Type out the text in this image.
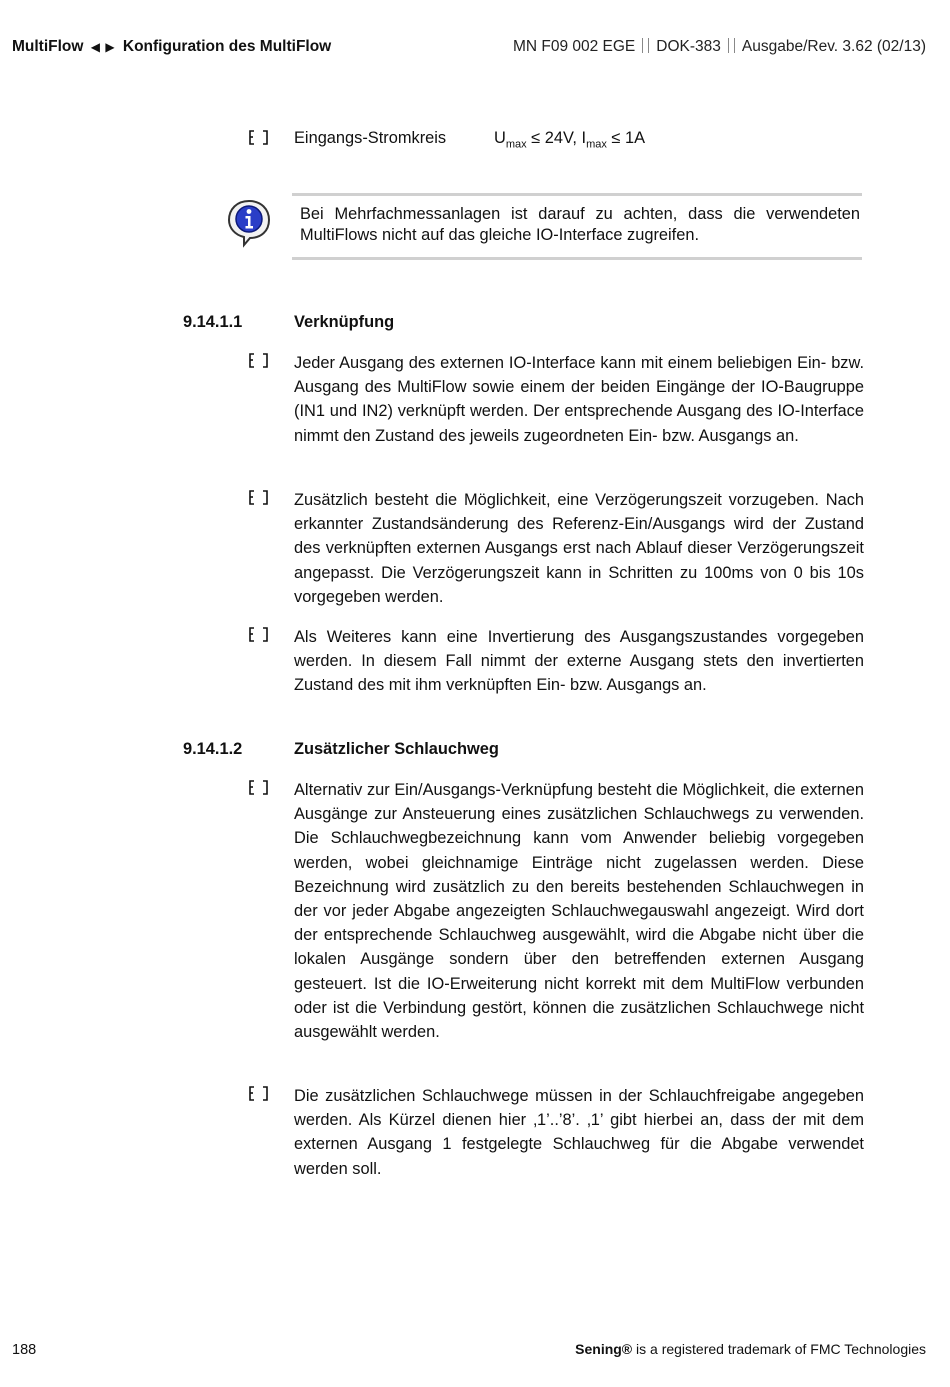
MultiFlow ◀ ▶ Konfiguration des MultiFlow	MN F09 002 EGE DOK-383 Ausgabe/Rev. 3.62 (02/13)
Eingangs-Stromkreis	$U_{max} \le 24V$, $I_{max} \le 1A$
Bei Mehrfachmessanlagen ist darauf zu achten, dass die verwendeten MultiFlows nicht auf das gleiche IO-Interface zugreifen.
9.14.1.1	Verknüpfung
Jeder Ausgang des externen IO-Interface kann mit einem beliebigen Ein- bzw. Ausgang des MultiFlow sowie einem der beiden Eingänge der IO-Baugruppe (IN1 und IN2) verknüpft werden. Der entsprechende Ausgang des IO-Interface nimmt den Zustand des jeweils zugeordneten Ein- bzw. Ausgangs an.
Zusätzlich besteht die Möglichkeit, eine Verzögerungszeit vorzugeben. Nach erkannter Zustandsänderung des Referenz-Ein/Ausgangs wird der Zustand des verknüpften externen Ausgangs erst nach Ablauf dieser Verzögerungszeit angepasst. Die Verzögerungszeit kann in Schritten zu 100ms von 0 bis 10s vorgegeben werden.
Als Weiteres kann eine Invertierung des Ausgangszustandes vorgegeben werden. In diesem Fall nimmt der externe Ausgang stets den invertierten Zustand des mit ihm verknüpften Ein- bzw. Ausgangs an.
9.14.1.2	Zusätzlicher Schlauchweg
Alternativ zur Ein/Ausgangs-Verknüpfung besteht die Möglichkeit, die externen Ausgänge zur Ansteuerung eines zusätzlichen Schlauchwegs zu verwenden. Die Schlauchwegbezeichnung kann vom Anwender beliebig vorgegeben werden, wobei gleichnamige Einträge nicht zugelassen werden. Diese Bezeichnung wird zusätzlich zu den bereits bestehenden Schlauchwegen in der vor jeder Abgabe angezeigten Schlauchwegauswahl angezeigt. Wird dort der entsprechende Schlauchweg ausgewählt, wird die Abgabe nicht über die lokalen Ausgänge sondern über den betreffenden externen Ausgang gesteuert. Ist die IO-Erweiterung nicht korrekt mit dem MultiFlow verbunden oder ist die Verbindung gestört, können die zusätzlichen Schlauchwege nicht ausgewählt werden.
Die zusätzlichen Schlauchwege müssen in der Schlauchfreigabe angegeben werden. Als Kürzel dienen hier ‚1’..’8’. ‚1’ gibt hierbei an, dass der mit dem externen Ausgang 1 festgelegte Schlauchweg für die Abgabe verwendet werden soll.
188	Sening® is a registered trademark of FMC Technologies
